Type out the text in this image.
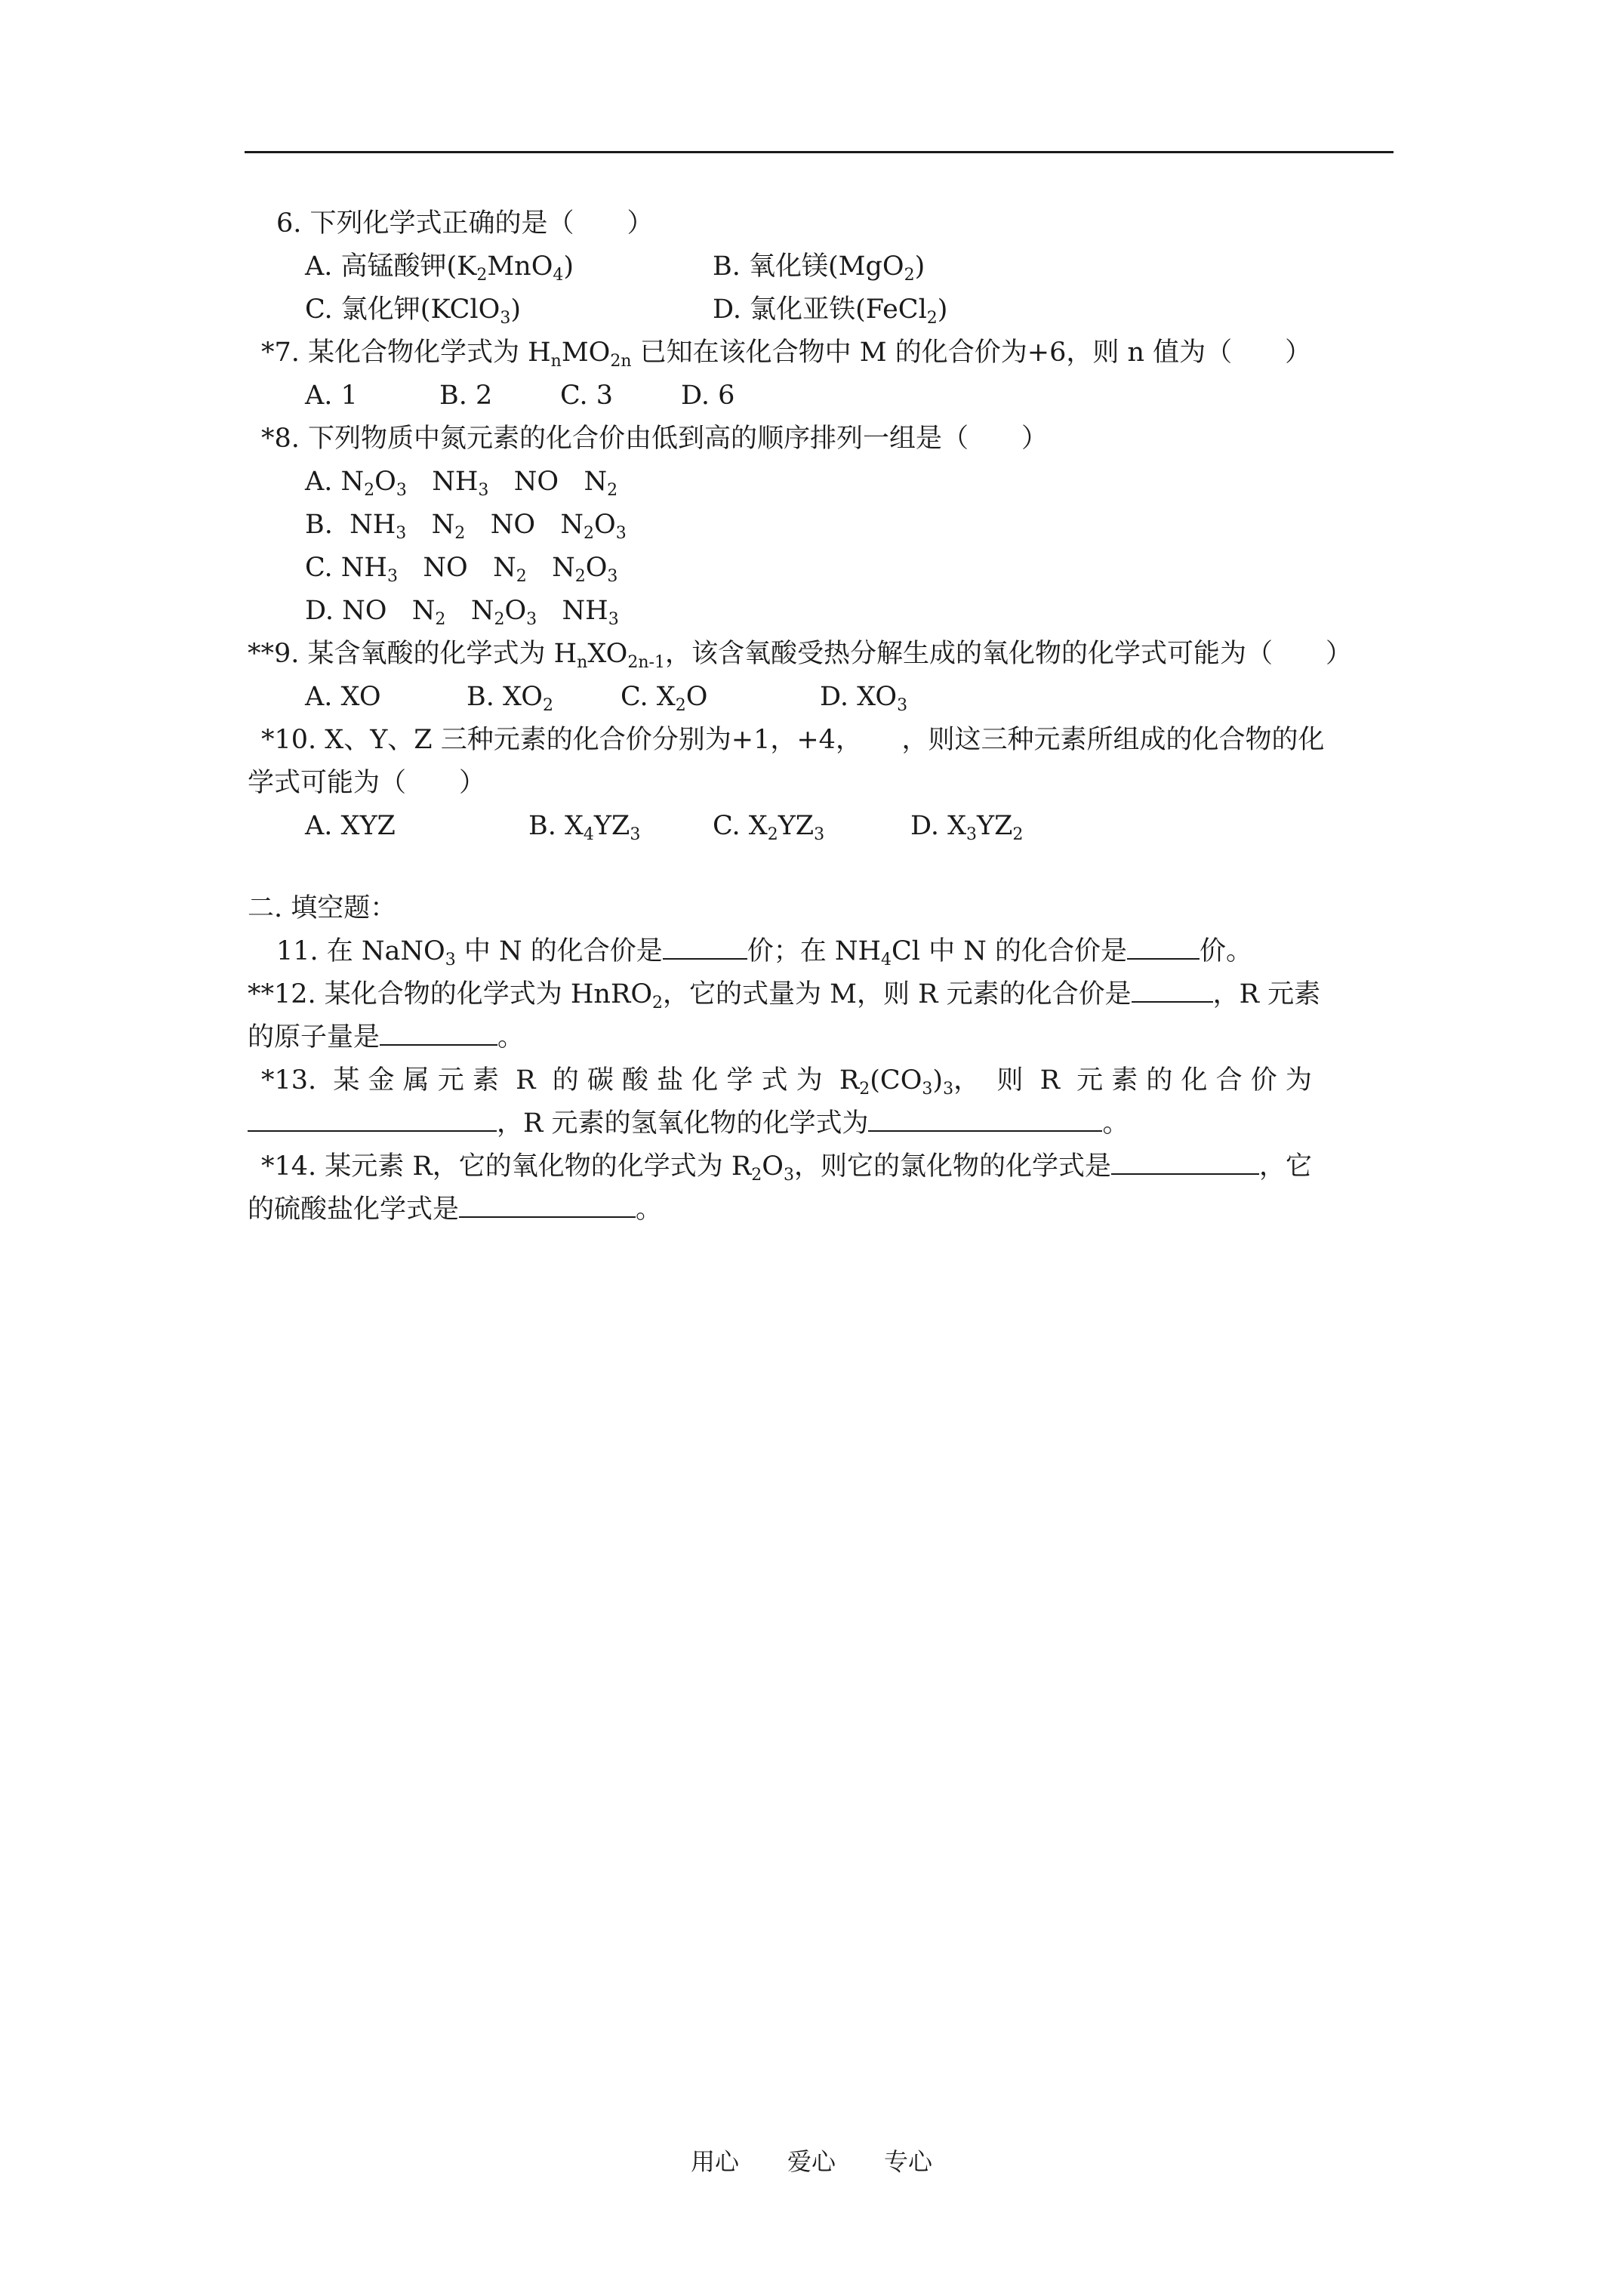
6. 下列化学式正确的是（　　）
A. 高锰酸钾$(K_2MnO_4)$	B. 氧化镁(MgO$_2$)
C. 氯化钾(KClO$_3$)	D. 氯化亚铁(FeCl$_2$)
*7. 某化合物化学式为 $H_nMO_{2n}$ 已知在该化合物中 M 的化合价为+6，则 n 值为（　　）
A. 1	B. 2	C. 3	D. 6
*8. 下列物质中氮元素的化合价由低到高的顺序排列一组是（　　）
A. $N_2O_3$ $NH_3$ NO $N_2$
B.  $NH_3$ $N_2$ NO $N_2O_3$
C. $NH_3$ NO $N_2$ $N_2O_3$
D. NO $N_2$ $N_2O_3$ $NH_3$
**9. 某含氧酸的化学式为 $H_nXO_{2n-1}$，该含氧酸受热分解生成的氧化物的化学式可能为（　　）
A. XO	B. $XO_2$	C. $X_2O$	D. $XO_3$
*10. X、Y、Z 三种元素的化合价分别为+1，+4，　　，则这三种元素所组成的化合物的化
学式可能为（　　）
A. XYZ	B. $X_4YZ_3$	C. $X_2YZ_3$	D. $X_3YZ_2$
二. 填空题：
11. 在 NaNO$_3$ 中 N 的化合价是	价；在 $NH_4Cl$ 中 N 的化合价是	价。
**12. 某化合物的化学式为 HnRO$_2$，它的式量为 M，则 R 元素的化合价是	，R 元素
的原子量是	。
*13.  某 金 属 元 素  R  的 碳 酸 盐 化 学 式 为  $R_2(CO_3)_3$，  则  R  元 素 的 化 合 价 为
，R 元素的氢氧化物的化学式为	。
*14. 某元素 R，它的氧化物的化学式为 $R_2O_3$，则它的氯化物的化学式是	，它
的硫酸盐化学式是	。
用心　　爱心　　专心
